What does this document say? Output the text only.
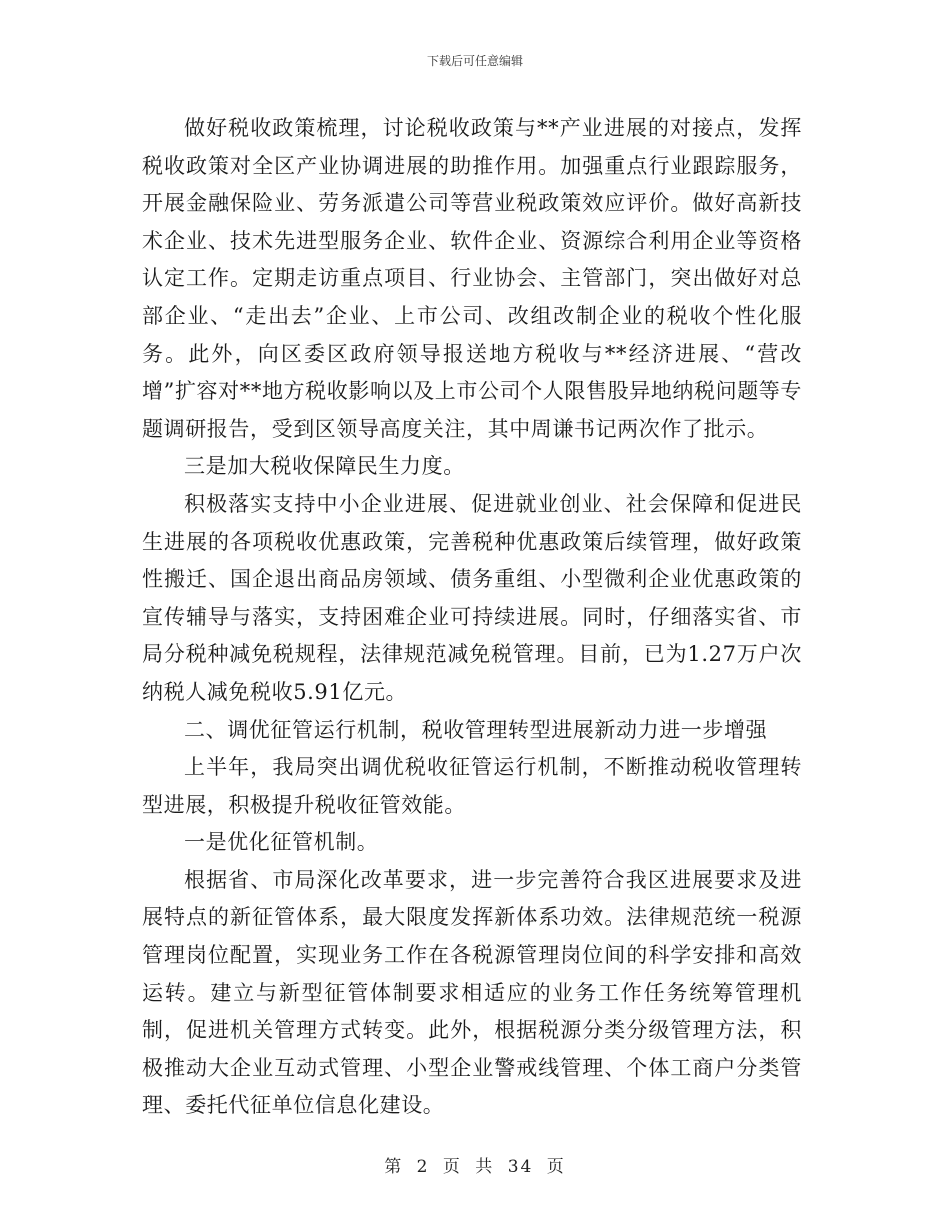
下载后可任意编辑

做好税收政策梳理，讨论税收政策与**产业进展的对接点，发挥税收政策对全区产业协调进展的助推作用。加强重点行业跟踪服务，开展金融保险业、劳务派遣公司等营业税政策效应评价。做好高新技术企业、技术先进型服务企业、软件企业、资源综合利用企业等资格认定工作。定期走访重点项目、行业协会、主管部门，突出做好对总部企业、“走出去”企业、上市公司、改组改制企业的税收个性化服务。此外，向区委区政府领导报送地方税收与**经济进展、“营改增”扩容对**地方税收影响以及上市公司个人限售股异地纳税问题等专题调研报告，受到区领导高度关注，其中周谦书记两次作了批示。

三是加大税收保障民生力度。

积极落实支持中小企业进展、促进就业创业、社会保障和促进民生进展的各项税收优惠政策，完善税种优惠政策后续管理，做好政策性搬迁、国企退出商品房领域、债务重组、小型微利企业优惠政策的宣传辅导与落实，支持困难企业可持续进展。同时，仔细落实省、市局分税种减免税规程，法律规范减免税管理。目前，已为1.27万户次纳税人减免税收5.91亿元。

二、调优征管运行机制，税收管理转型进展新动力进一步增强

上半年，我局突出调优税收征管运行机制，不断推动税收管理转型进展，积极提升税收征管效能。

一是优化征管机制。

根据省、市局深化改革要求，进一步完善符合我区进展要求及进展特点的新征管体系，最大限度发挥新体系功效。法律规范统一税源管理岗位配置，实现业务工作在各税源管理岗位间的科学安排和高效运转。建立与新型征管体制要求相适应的业务工作任务统筹管理机制，促进机关管理方式转变。此外，根据税源分类分级管理方法，积极推动大企业互动式管理、小型企业警戒线管理、个体工商户分类管理、委托代征单位信息化建设。

第 2 页 共 34 页
